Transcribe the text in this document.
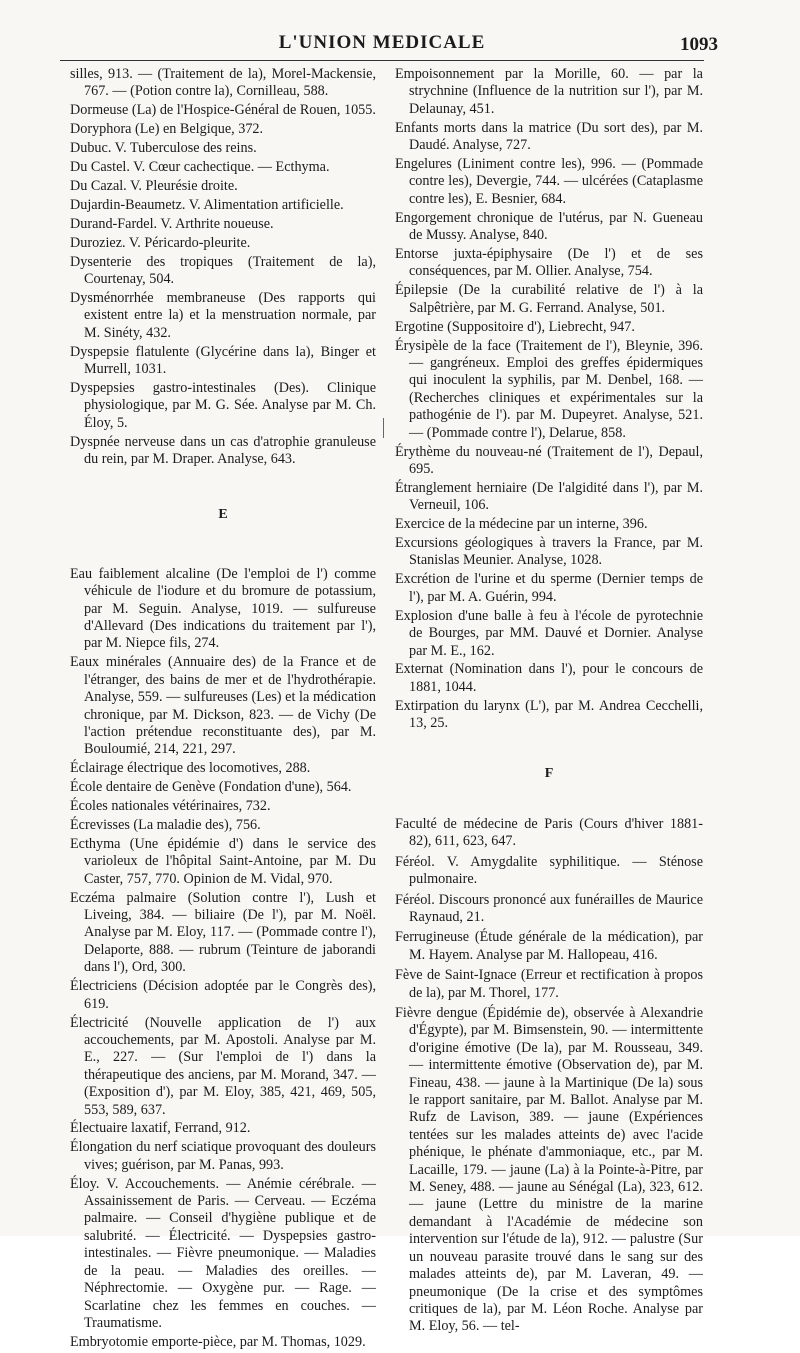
L'UNION MEDICALE	1093

silles, 913. — (Traitement de la), Morel-Mackensie, 767. — (Potion contre la), Cornilleau, 588.

Dormeuse (La) de l'Hospice-Général de Rouen, 1055.

Doryphora (Le) en Belgique, 372.

Dubuc. V. Tuberculose des reins.

Du Castel. V. Cœur cachectique. — Ecthyma.

Du Cazal. V. Pleurésie droite.

Dujardin-Beaumetz. V. Alimentation artificielle.

Durand-Fardel. V. Arthrite noueuse.

Duroziez. V. Péricardo-pleurite.

Dysenterie des tropiques (Traitement de la), Courtenay, 504.

Dysménorrhée membraneuse (Des rapports qui existent entre la) et la menstruation normale, par M. Sinéty, 432.

Dyspepsie flatulente (Glycérine dans la), Binger et Murrell, 1031.

Dyspepsies gastro-intestinales (Des). Clinique physiologique, par M. G. Sée. Analyse par M. Ch. Éloy, 5.

Dyspnée nerveuse dans un cas d'atrophie granuleuse du rein, par M. Draper. Analyse, 643.

E

Eau faiblement alcaline (De l'emploi de l') comme véhicule de l'iodure et du bromure de potassium, par M. Seguin. Analyse, 1019. — sulfureuse d'Allevard (Des indications du traitement par l'), par M. Niepce fils, 274.

Eaux minérales (Annuaire des) de la France et de l'étranger, des bains de mer et de l'hydrothérapie. Analyse, 559. — sulfureuses (Les) et la médication chronique, par M. Dickson, 823. — de Vichy (De l'action prétendue reconstituante des), par M. Bouloumié, 214, 221, 297.

Éclairage électrique des locomotives, 288.

École dentaire de Genève (Fondation d'une), 564.

Écoles nationales vétérinaires, 732.

Écrevisses (La maladie des), 756.

Ecthyma (Une épidémie d') dans le service des varioleux de l'hôpital Saint-Antoine, par M. Du Caster, 757, 770. Opinion de M. Vidal, 970.

Eczéma palmaire (Solution contre l'), Lush et Liveing, 384. — biliaire (De l'), par M. Noël. Analyse par M. Eloy, 117. — (Pommade contre l'), Delaporte, 888. — rubrum (Teinture de jaborandi dans l'), Ord, 300.

Électriciens (Décision adoptée par le Congrès des), 619.

Électricité (Nouvelle application de l') aux accouchements, par M. Apostoli. Analyse par M. E., 227. — (Sur l'emploi de l') dans la thérapeutique des anciens, par M. Morand, 347. — (Exposition d'), par M. Eloy, 385, 421, 469, 505, 553, 589, 637.

Électuaire laxatif, Ferrand, 912.

Élongation du nerf sciatique provoquant des douleurs vives; guérison, par M. Panas, 993.

Éloy. V. Accouchements. — Anémie cérébrale. — Assainissement de Paris. — Cerveau. — Eczéma palmaire. — Conseil d'hygiène publique et de salubrité. — Électricité. — Dyspepsies gastro-intestinales. — Fièvre pneumonique. — Maladies de la peau. — Maladies des oreilles. — Néphrectomie. — Oxygène pur. — Rage. — Scarlatine chez les femmes en couches. — Traumatisme.

Embryotomie emporte-pièce, par M. Thomas, 1029.

Empoisonnement par la Morille, 60. — par la strychnine (Influence de la nutrition sur l'), par M. Delaunay, 451.

Enfants morts dans la matrice (Du sort des), par M. Daudé. Analyse, 727.

Engelures (Liniment contre les), 996. — (Pommade contre les), Devergie, 744. — ulcérées (Cataplasme contre les), E. Besnier, 684.

Engorgement chronique de l'utérus, par N. Gueneau de Mussy. Analyse, 840.

Entorse juxta-épiphysaire (De l') et de ses conséquences, par M. Ollier. Analyse, 754.

Épilepsie (De la curabilité relative de l') à la Salpêtrière, par M. G. Ferrand. Analyse, 501.

Ergotine (Suppositoire d'), Liebrecht, 947.

Érysipèle de la face (Traitement de l'), Bleynie, 396. — gangréneux. Emploi des greffes épidermiques qui inoculent la syphilis, par M. Denbel, 168. — (Recherches cliniques et expérimentales sur la pathogénie de l'). par M. Dupeyret. Analyse, 521. — (Pommade contre l'), Delarue, 858.

Érythème du nouveau-né (Traitement de l'), Depaul, 695.

Étranglement herniaire (De l'algidité dans l'), par M. Verneuil, 106.

Exercice de la médecine par un interne, 396.

Excursions géologiques à travers la France, par M. Stanislas Meunier. Analyse, 1028.

Excrétion de l'urine et du sperme (Dernier temps de l'), par M. A. Guérin, 994.

Explosion d'une balle à feu à l'école de pyrotechnie de Bourges, par MM. Dauvé et Dornier. Analyse par M. E., 162.

Externat (Nomination dans l'), pour le concours de 1881, 1044.

Extirpation du larynx (L'), par M. Andrea Cecchelli, 13, 25.

F

Faculté de médecine de Paris (Cours d'hiver 1881-82), 611, 623, 647.

Féréol. V. Amygdalite syphilitique. — Sténose pulmonaire.

Féréol. Discours prononcé aux funérailles de Maurice Raynaud, 21.

Ferrugineuse (Étude générale de la médication), par M. Hayem. Analyse par M. Hallopeau, 416.

Fève de Saint-Ignace (Erreur et rectification à propos de la), par M. Thorel, 177.

Fièvre dengue (Épidémie de), observée à Alexandrie d'Égypte), par M. Bimsenstein, 90. — intermittente d'origine émotive (De la), par M. Rousseau, 349. — intermittente émotive (Observation de), par M. Fineau, 438. — jaune à la Martinique (De la) sous le rapport sanitaire, par M. Ballot. Analyse par M. Rufz de Lavison, 389. — jaune (Expériences tentées sur les malades atteints de) avec l'acide phénique, le phénate d'ammoniaque, etc., par M. Lacaille, 179. — jaune (La) à la Pointe-à-Pitre, par M. Seney, 488. — jaune au Sénégal (La), 323, 612. — jaune (Lettre du ministre de la marine demandant à l'Académie de médecine son intervention sur l'étude de la), 912. — palustre (Sur un nouveau parasite trouvé dans le sang sur des malades atteints de), par M. Laveran, 49. — pneumonique (De la crise et des symptômes critiques de la), par M. Léon Roche. Analyse par M. Eloy, 56. — tel-
